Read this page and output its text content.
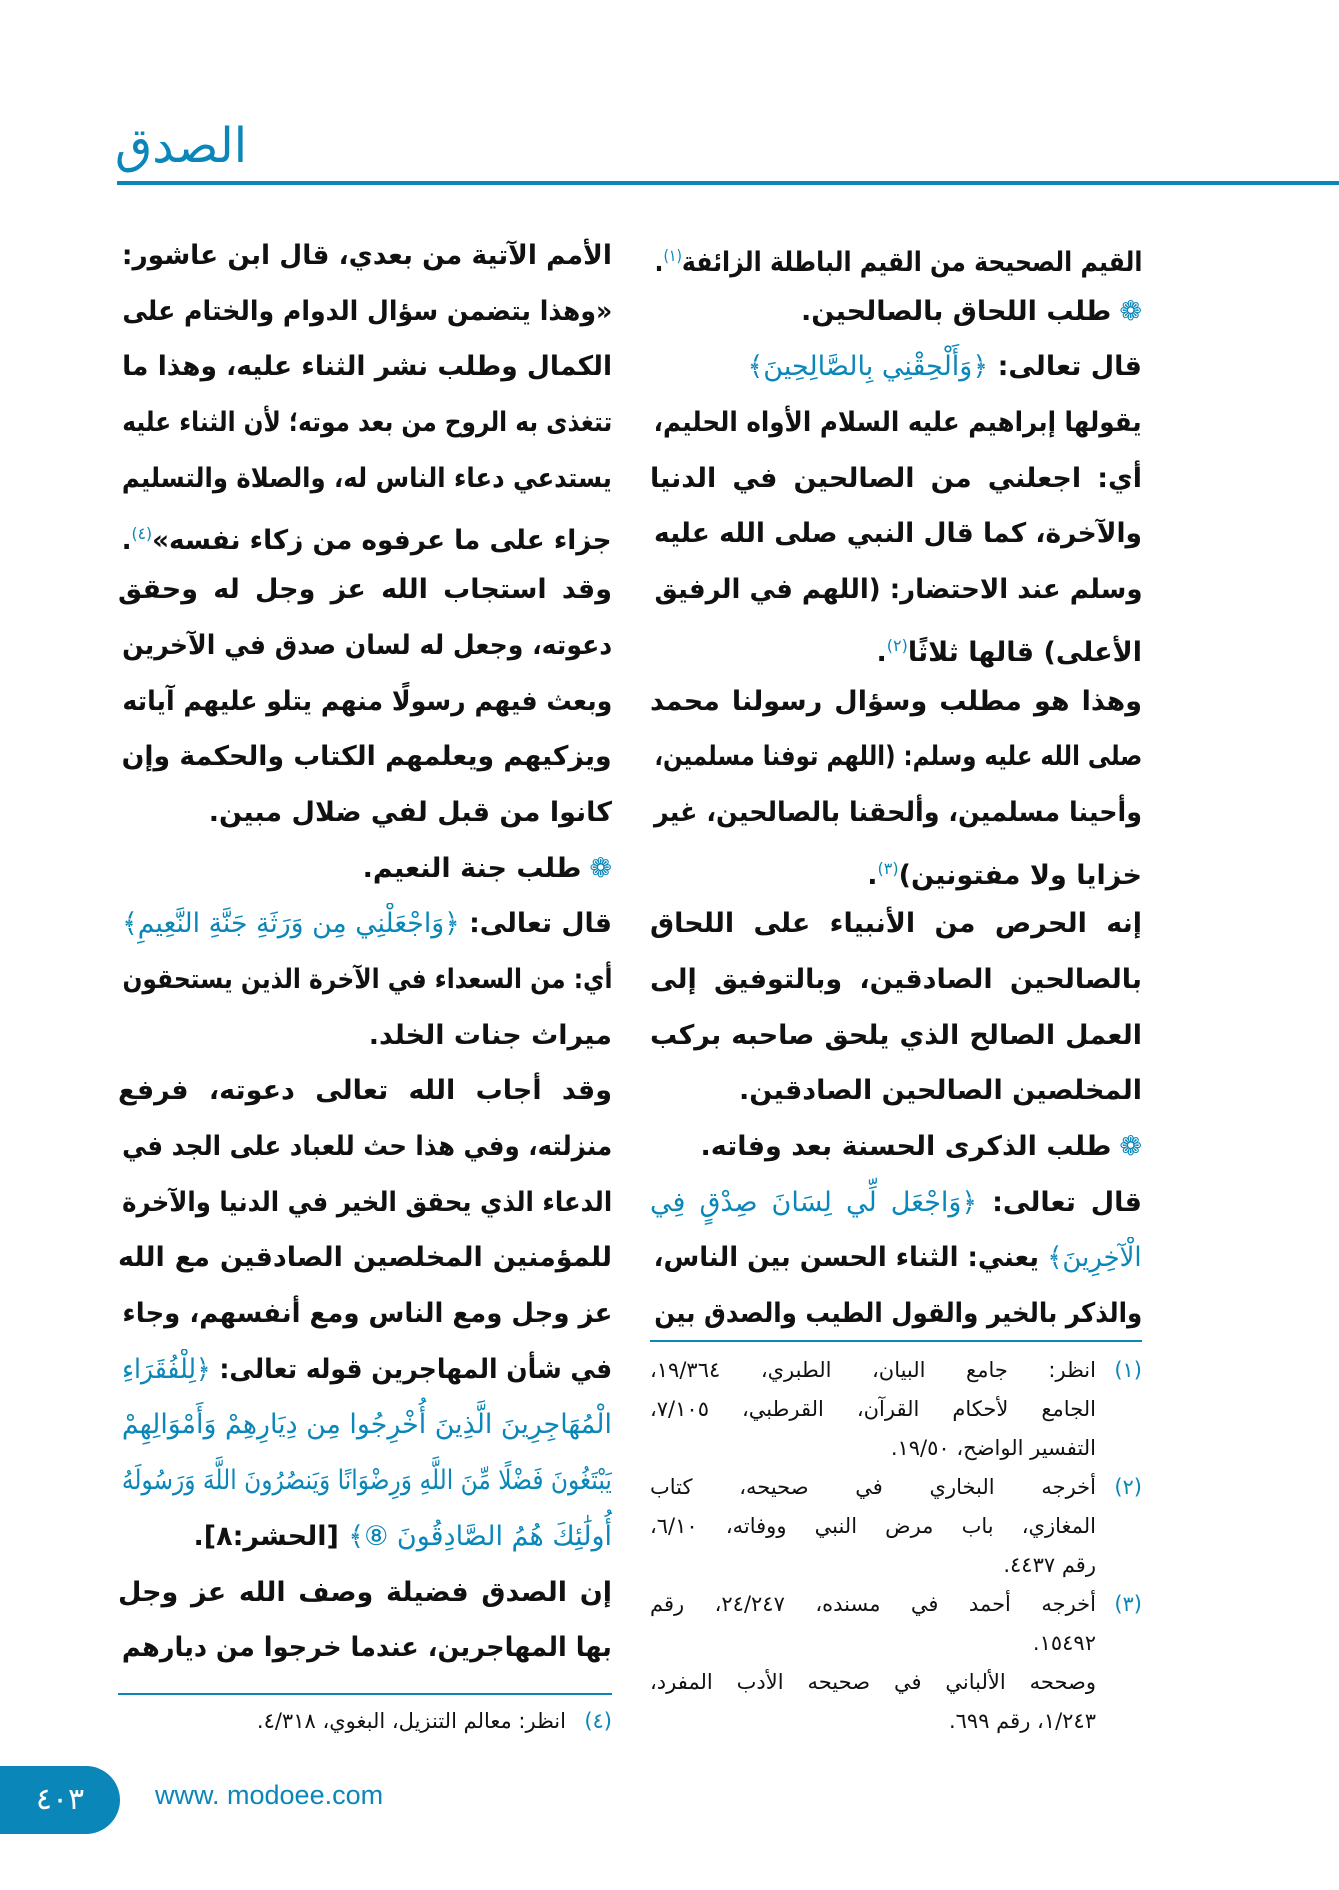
الصدق
القيم الصحيحة من القيم الباطلة الزائفة$^{(١)}$.
❁طلب اللحاق بالصالحين.
قال تعالى: ﴿وَأَلْحِقْنِي بِالصَّالِحِينَ﴾
يقولها إبراهيم عليه السلام الأواه الحليم،
أي: اجعلني من الصالحين في الدنيا
والآخرة، كما قال النبي صلى الله عليه
وسلم عند الاحتضار: (اللهم في الرفيق
الأعلى) قالها ثلاثًا$^{(٢)}$.
وهذا هو مطلب وسؤال رسولنا محمد
صلى الله عليه وسلم: (اللهم توفنا مسلمين،
وأحينا مسلمين، وألحقنا بالصالحين، غير
خزايا ولا مفتونين)$^{(٣)}$.
إنه الحرص من الأنبياء على اللحاق
بالصالحين الصادقين، وبالتوفيق إلى
العمل الصالح الذي يلحق صاحبه بركب
المخلصين الصالحين الصادقين.
❁طلب الذكرى الحسنة بعد وفاته.
قال تعالى: ﴿وَاجْعَل لِّي لِسَانَ صِدْقٍ فِي
الْآخِرِينَ﴾ يعني: الثناء الحسن بين الناس،
والذكر بالخير والقول الطيب والصدق بين
الأمم الآتية من بعدي، قال ابن عاشور:
«وهذا يتضمن سؤال الدوام والختام على
الكمال وطلب نشر الثناء عليه، وهذا ما
تتغذى به الروح من بعد موته؛ لأن الثناء عليه
يستدعي دعاء الناس له، والصلاة والتسليم
جزاء على ما عرفوه من زكاء نفسه»$^{(٤)}$.
وقد استجاب الله عز وجل له وحقق
دعوته، وجعل له لسان صدق في الآخرين
وبعث فيهم رسولًا منهم يتلو عليهم آياته
ويزكيهم ويعلمهم الكتاب والحكمة وإن
كانوا من قبل لفي ضلال مبين.
❁طلب جنة النعيم.
قال تعالى: ﴿وَاجْعَلْنِي مِن وَرَثَةِ جَنَّةِ النَّعِيمِ﴾
أي: من السعداء في الآخرة الذين يستحقون
ميراث جنات الخلد.
وقد أجاب الله تعالى دعوته، فرفع
منزلته، وفي هذا حث للعباد على الجد في
الدعاء الذي يحقق الخير في الدنيا والآخرة
للمؤمنين المخلصين الصادقين مع الله
عز وجل ومع الناس ومع أنفسهم، وجاء
في شأن المهاجرين قوله تعالى: ﴿لِلْفُقَرَاءِ
الْمُهَاجِرِينَ الَّذِينَ أُخْرِجُوا مِن دِيَارِهِمْ وَأَمْوَالِهِمْ
يَبْتَغُونَ فَضْلًا مِّنَ اللَّهِ وَرِضْوَانًا وَيَنصُرُونَ اللَّهَ وَرَسُولَهُ
أُولَٰئِكَ هُمُ الصَّادِقُونَ ⑧﴾ [الحشر:٨].
إن الصدق فضيلة وصف الله عز وجل
بها المهاجرين، عندما خرجوا من ديارهم
(١)انظر: جامع البيان، الطبري، ١٩/٣٦٤،
الجامع لأحكام القرآن، القرطبي، ٧/١٠٥،
التفسير الواضح، ١٩/٥٠.
(٢)أخرجه البخاري في صحيحه، كتاب
المغازي، باب مرض النبي ووفاته، ٦/١٠،
رقم ٤٤٣٧.
(٣)أخرجه أحمد في مسنده، ٢٤/٢٤٧، رقم
١٥٤٩٢.
وصححه الألباني في صحيحه الأدب المفرد،
١/٢٤٣، رقم ٦٩٩.
(٤)انظر: معالم التنزيل، البغوي، ٤/٣١٨.
٤٠٣	www. modoee.com
